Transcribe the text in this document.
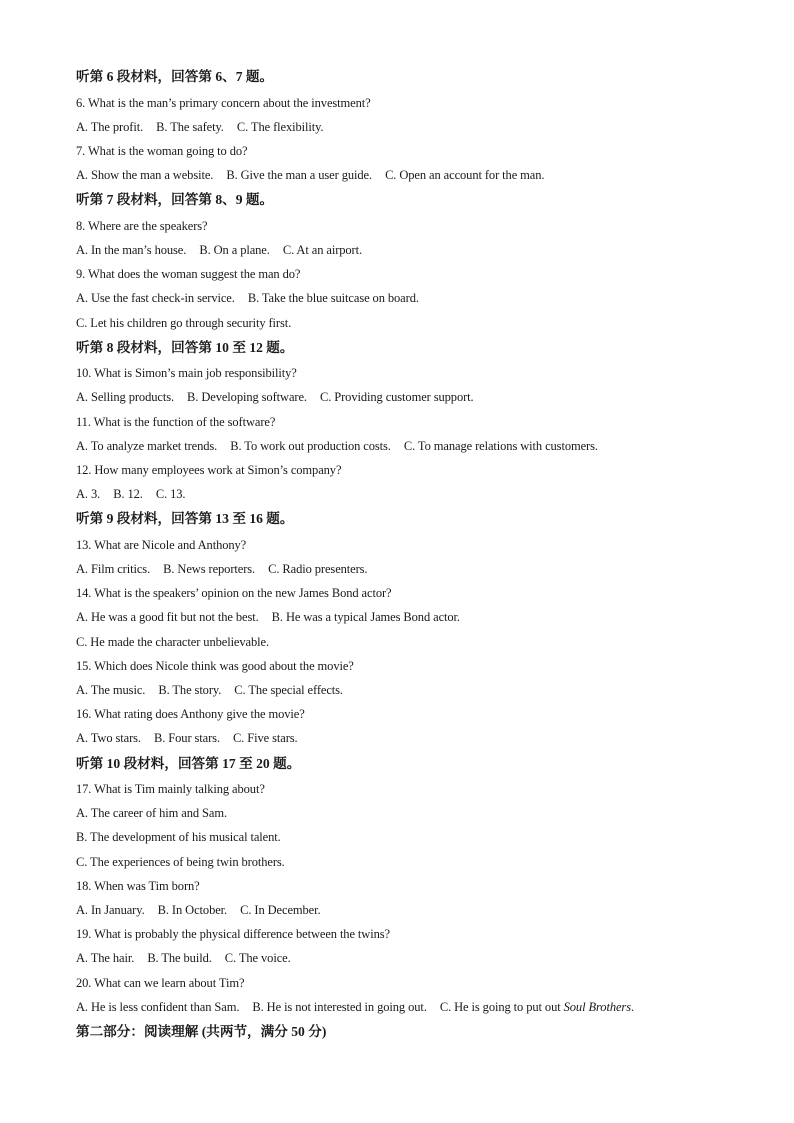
听第 6 段材料，回答第 6、7 题。
6. What is the man’s primary concern about the investment?
A. The profit. B. The safety. C. The flexibility.
7. What is the woman going to do?
A. Show the man a website. B. Give the man a user guide. C. Open an account for the man.
听第 7 段材料，回答第 8、9 题。
8. Where are the speakers?
A. In the man’s house. B. On a plane. C. At an airport.
9. What does the woman suggest the man do?
A. Use the fast check-in service. B. Take the blue suitcase on board.
C. Let his children go through security first.
听第 8 段材料，回答第 10 至 12 题。
10. What is Simon’s main job responsibility?
A. Selling products. B. Developing software. C. Providing customer support.
11. What is the function of the software?
A. To analyze market trends. B. To work out production costs. C. To manage relations with customers.
12. How many employees work at Simon’s company?
A. 3. B. 12. C. 13.
听第 9 段材料，回答第 13 至 16 题。
13. What are Nicole and Anthony?
A. Film critics. B. News reporters. C. Radio presenters.
14. What is the speakers’ opinion on the new James Bond actor?
A. He was a good fit but not the best. B. He was a typical James Bond actor.
C. He made the character unbelievable.
15. Which does Nicole think was good about the movie?
A. The music. B. The story. C. The special effects.
16. What rating does Anthony give the movie?
A. Two stars. B. Four stars. C. Five stars.
听第 10 段材料，回答第 17 至 20 题。
17. What is Tim mainly talking about?
A. The career of him and Sam.
B. The development of his musical talent.
C. The experiences of being twin brothers.
18. When was Tim born?
A. In January. B. In October. C. In December.
19. What is probably the physical difference between the twins?
A. The hair. B. The build. C. The voice.
20. What can we learn about Tim?
A. He is less confident than Sam. B. He is not interested in going out. C. He is going to put out Soul Brothers.
第二部分：阅读理解 (共两节，满分 50 分)
